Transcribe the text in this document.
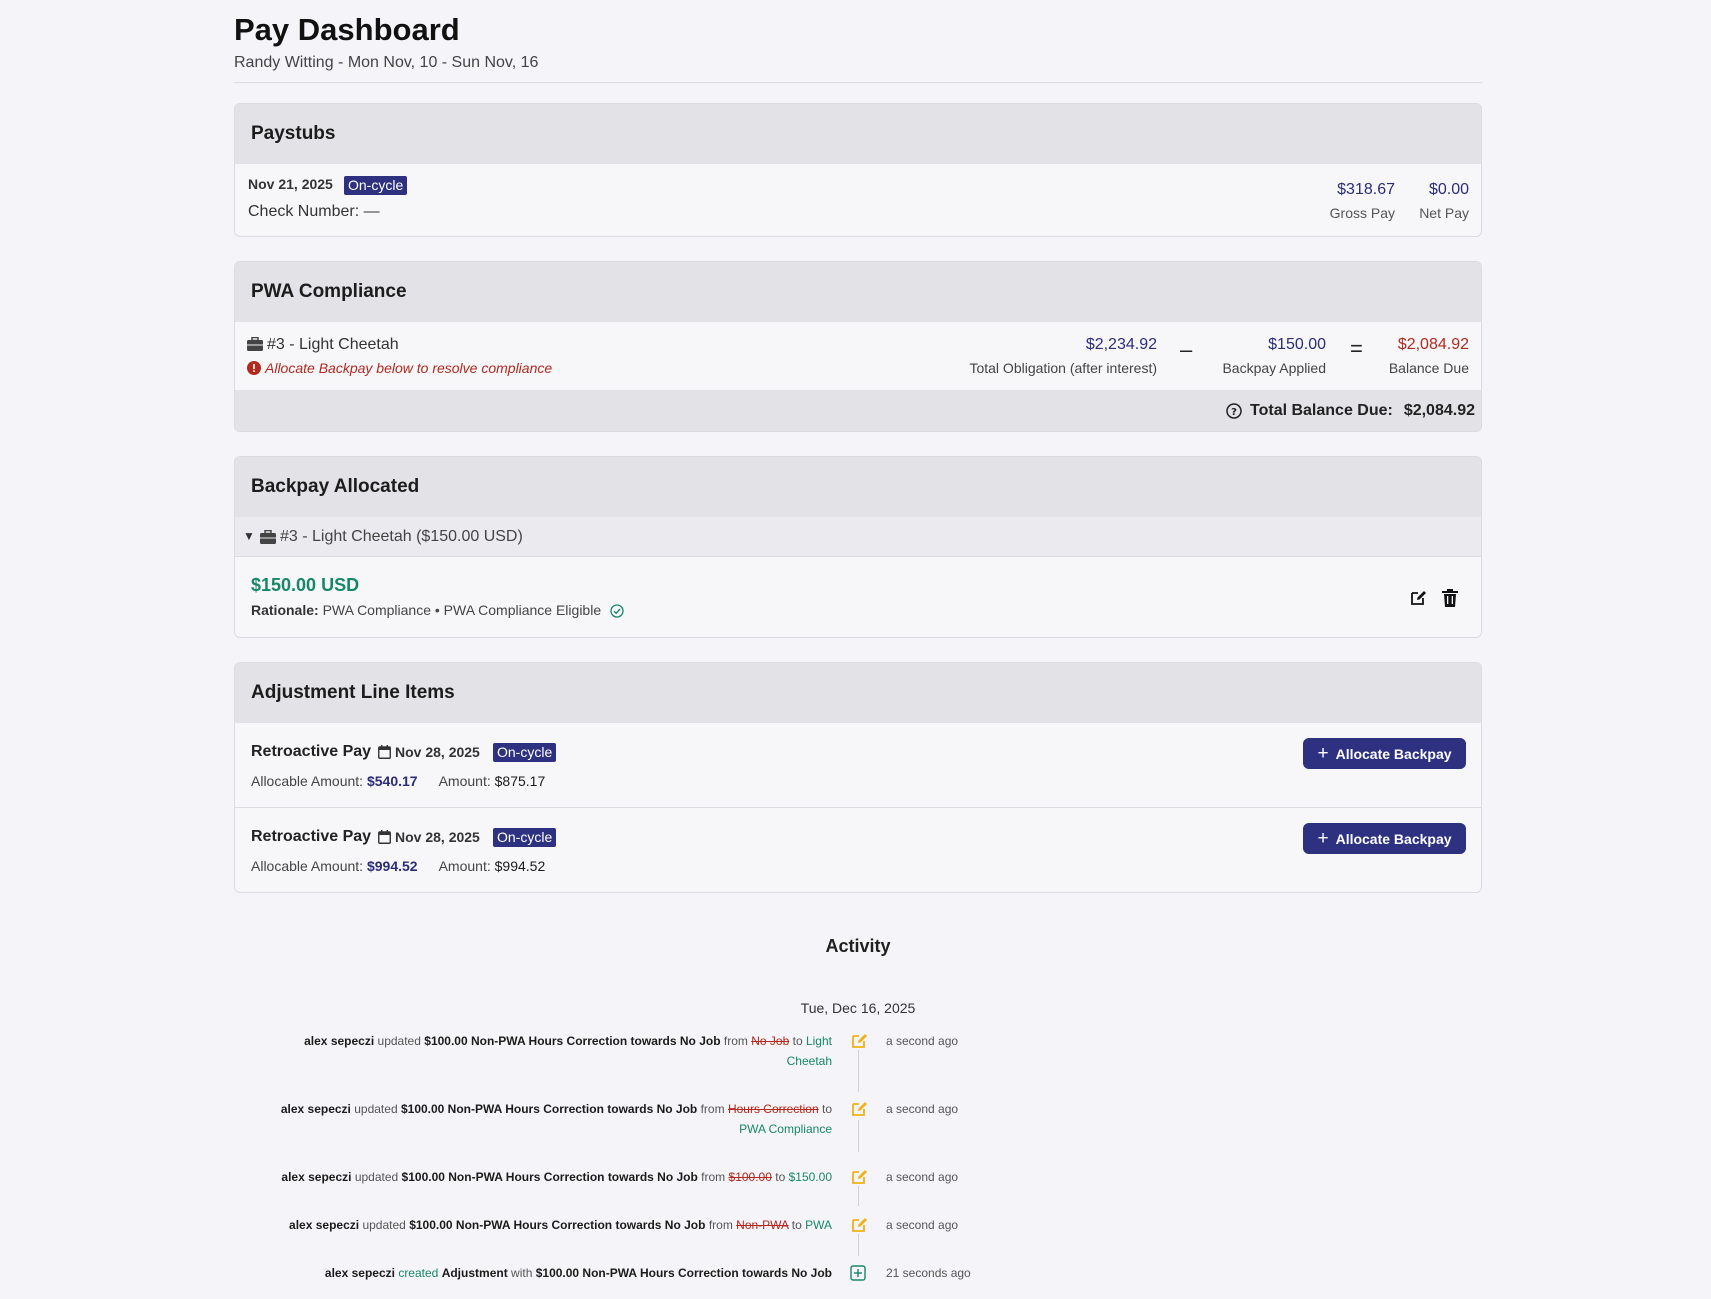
Pay Dashboard
Randy Witting - Mon Nov, 10 - Sun Nov, 16
Paystubs
Nov 21, 2025 On-cycle
Check Number: —
$318.67
Gross Pay
$0.00
Net Pay
PWA Compliance
#3 - Light Cheetah
Allocate Backpay below to resolve compliance
$2,234.92
Total Obligation (after interest)
–	$150.00
Backpay Applied
= $2,084.92
Balance Due
? Total Balance Due: $2,084.92
Backpay Allocated
▼ #3 - Light Cheetah ($150.00 USD)
$150.00 USD
Rationale: PWA Compliance • PWA Compliance Eligible
Adjustment Line Items
Retroactive Pay Nov 28, 2025 On-cycle
Allocable Amount: $540.17 Amount: $875.17
+ Allocate Backpay
Retroactive Pay Nov 28, 2025 On-cycle
Allocable Amount: $994.52 Amount: $994.52
+ Allocate Backpay
Activity
Tue, Dec 16, 2025
alex sepeczi updated $100.00 Non-PWA Hours Correction towards No Job from No Job to Light
Cheetah
a second ago
alex sepeczi updated $100.00 Non-PWA Hours Correction towards No Job from Hours Correction to
PWA Compliance
a second ago
alex sepeczi updated $100.00 Non-PWA Hours Correction towards No Job from $100.00 to $150.00	a second ago
alex sepeczi updated $100.00 Non-PWA Hours Correction towards No Job from Non-PWA to PWA	a second ago
alex sepeczi created Adjustment with $100.00 Non-PWA Hours Correction towards No Job	21 seconds ago
